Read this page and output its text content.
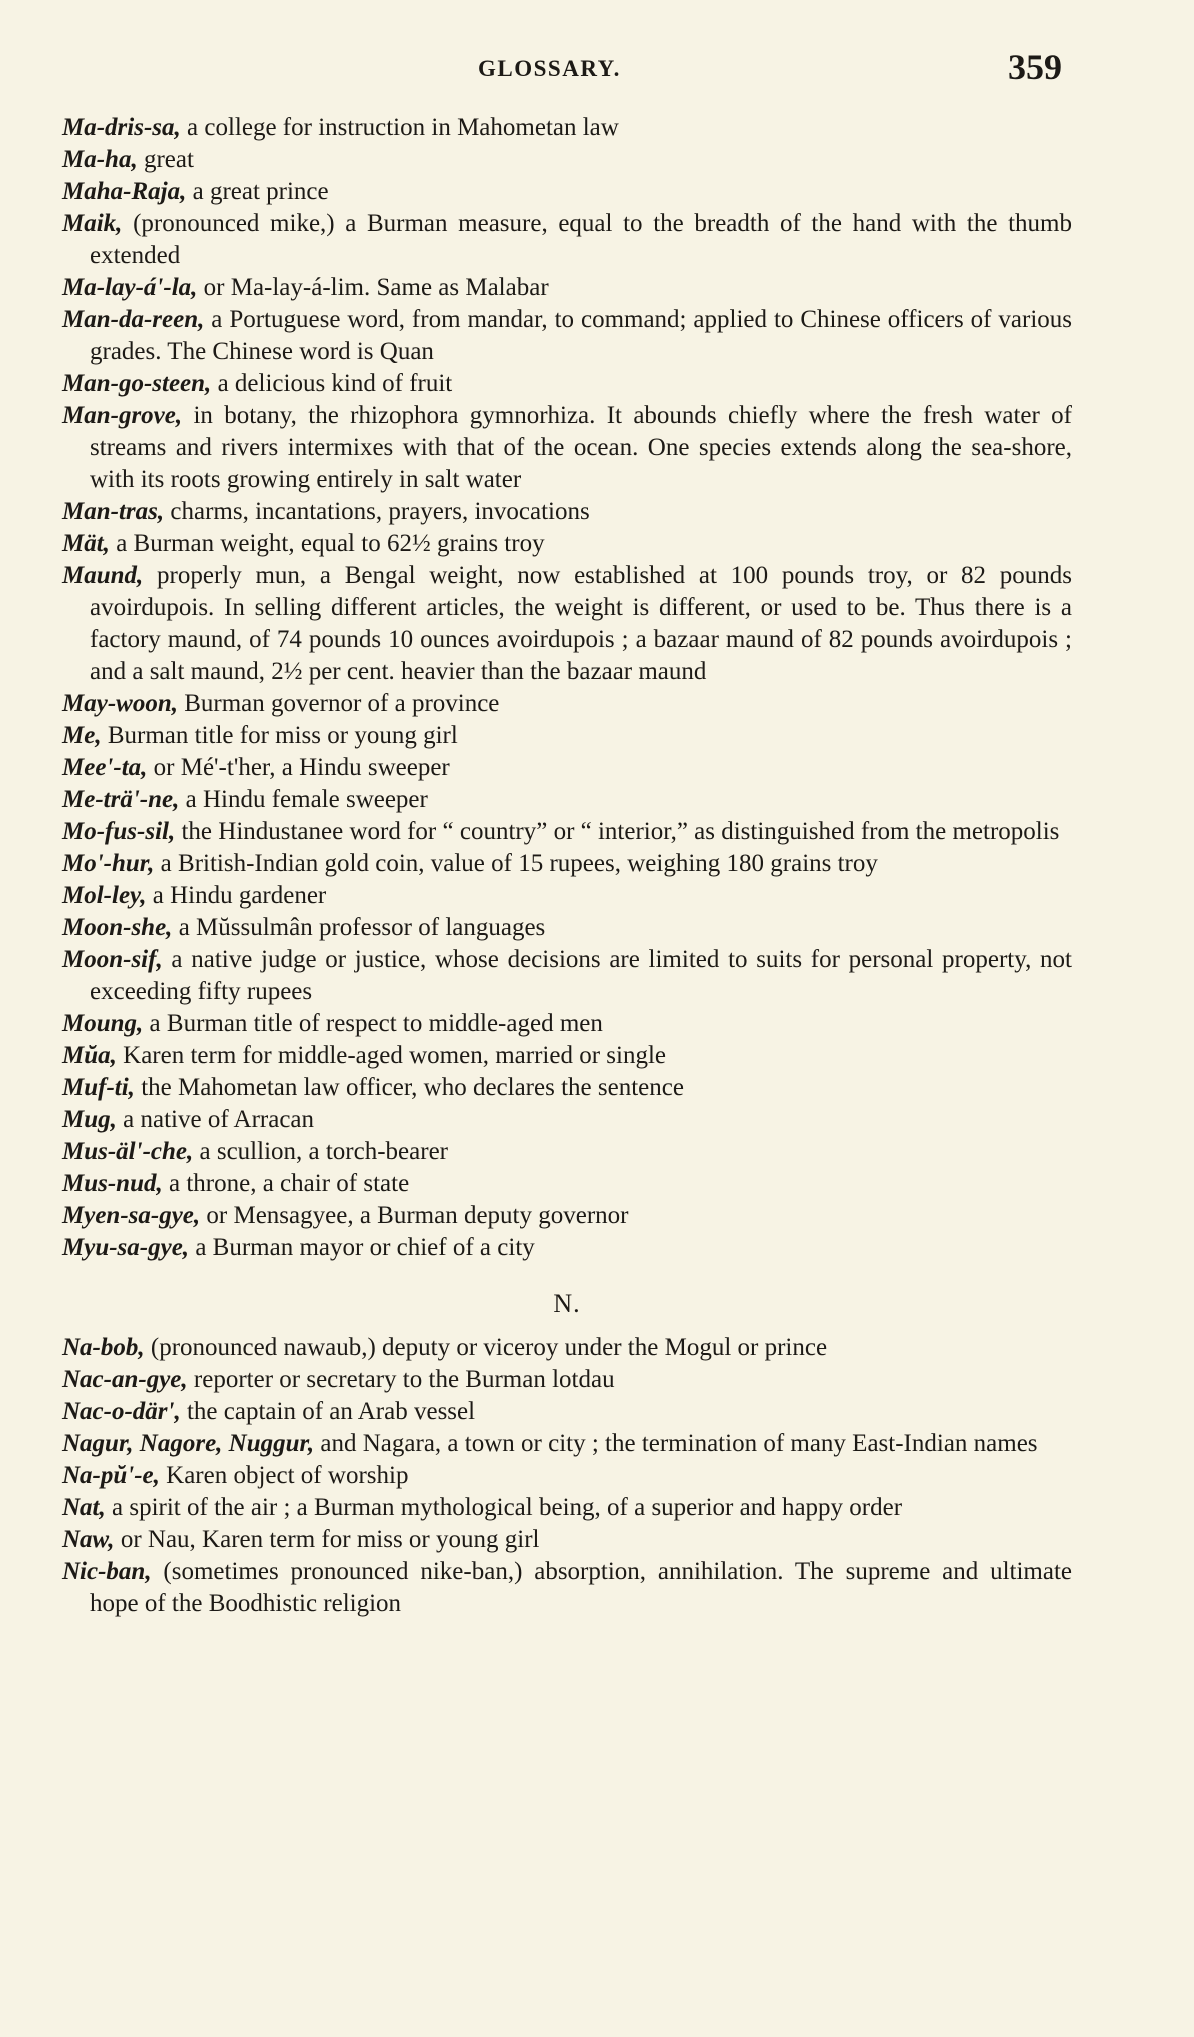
GLOSSARY.	359
Ma-dris-sa, a college for instruction in Mahometan law
Ma-ha, great
Maha-Raja, a great prince
Maik, (pronounced mike,) a Burman measure, equal to the breadth of the hand with the thumb extended
Ma-lay-á'-la, or Ma-lay-á-lim. Same as Malabar
Man-da-reen, a Portuguese word, from mandar, to command; applied to Chinese officers of various grades. The Chinese word is Quan
Man-go-steen, a delicious kind of fruit
Man-grove, in botany, the rhizophora gymnorhiza. It abounds chiefly where the fresh water of streams and rivers intermixes with that of the ocean. One species extends along the sea-shore, with its roots growing entirely in salt water
Man-tras, charms, incantations, prayers, invocations
Mät, a Burman weight, equal to 62½ grains troy
Maund, properly mun, a Bengal weight, now established at 100 pounds troy, or 82 pounds avoirdupois. In selling different articles, the weight is different, or used to be. Thus there is a factory maund, of 74 pounds 10 ounces avoirdupois ; a bazaar maund of 82 pounds avoirdupois ; and a salt maund, 2½ per cent. heavier than the bazaar maund
May-woon, Burman governor of a province
Me, Burman title for miss or young girl
Mee'-ta, or Mé'-t'her, a Hindu sweeper
Me-trä'-ne, a Hindu female sweeper
Mo-fus-sil, the Hindustanee word for “ country” or “ interior,” as distinguished from the metropolis
Mo'-hur, a British-Indian gold coin, value of 15 rupees, weighing 180 grains troy
Mol-ley, a Hindu gardener
Moon-she, a Mŭssulmân professor of languages
Moon-sif, a native judge or justice, whose decisions are limited to suits for personal property, not exceeding fifty rupees
Moung, a Burman title of respect to middle-aged men
Mŭa, Karen term for middle-aged women, married or single
Muf-ti, the Mahometan law officer, who declares the sentence
Mug, a native of Arracan
Mus-äl'-che, a scullion, a torch-bearer
Mus-nud, a throne, a chair of state
Myen-sa-gye, or Mensagyee, a Burman deputy governor
Myu-sa-gye, a Burman mayor or chief of a city
N.
Na-bob, (pronounced nawaub,) deputy or viceroy under the Mogul or prince
Nac-an-gye, reporter or secretary to the Burman lotdau
Nac-o-där', the captain of an Arab vessel
Nagur, Nagore, Nuggur, and Nagara, a town or city ; the termination of many East-Indian names
Na-pŭ'-e, Karen object of worship
Nat, a spirit of the air ; a Burman mythological being, of a superior and happy order
Naw, or Nau, Karen term for miss or young girl
Nic-ban, (sometimes pronounced nike-ban,) absorption, annihilation. The supreme and ultimate hope of the Boodhistic religion
